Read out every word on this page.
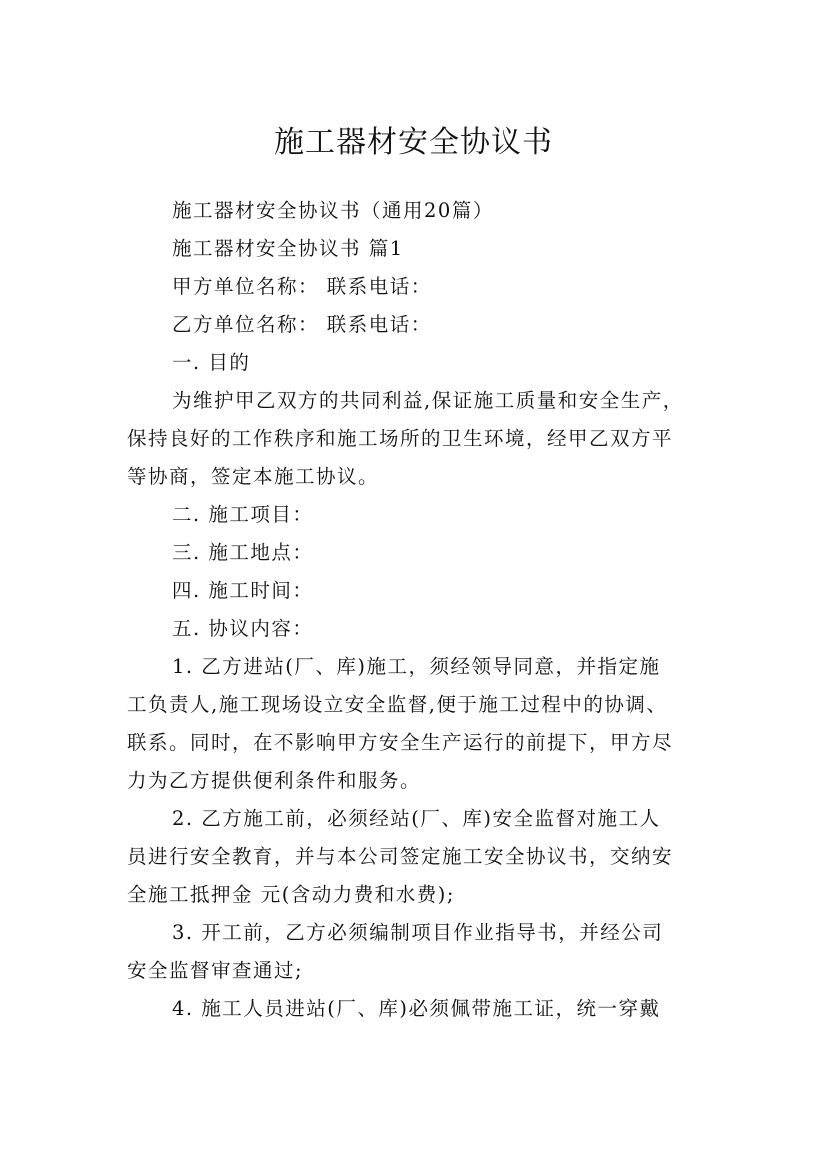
施工器材安全协议书
施工器材安全协议书（通用20篇）
施工器材安全协议书 篇1
甲方单位名称： 联系电话：
乙方单位名称： 联系电话：
一. 目的
为维护甲乙双方的共同利益,保证施工质量和安全生产，
保持良好的工作秩序和施工场所的卫生环境，经甲乙双方平
等协商，签定本施工协议。
二. 施工项目：
三. 施工地点：
四. 施工时间：
五. 协议内容：
1. 乙方进站(厂、库)施工，须经领导同意，并指定施
工负责人,施工现场设立安全监督,便于施工过程中的协调、
联系。同时，在不影响甲方安全生产运行的前提下，甲方尽
力为乙方提供便利条件和服务。
2. 乙方施工前，必须经站(厂、库)安全监督对施工人
员进行安全教育，并与本公司签定施工安全协议书，交纳安
全施工抵押金 元(含动力费和水费);
3. 开工前，乙方必须编制项目作业指导书，并经公司
安全监督审查通过;
4. 施工人员进站(厂、库)必须佩带施工证，统一穿戴
